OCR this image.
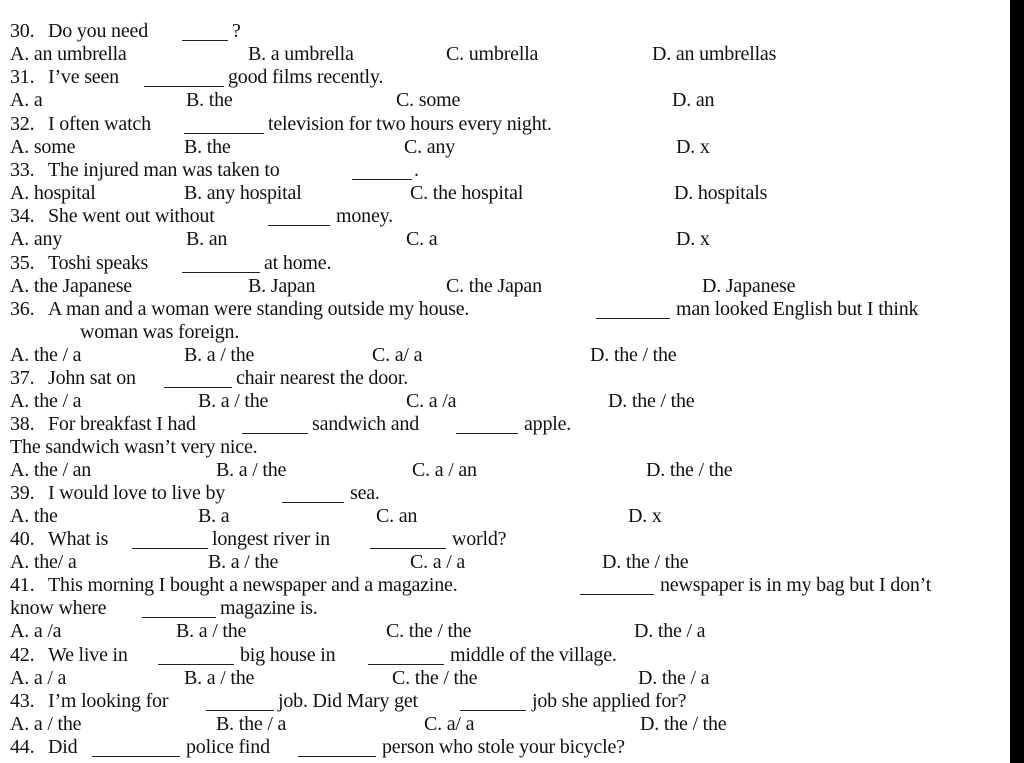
30. Do you need	?
A. an umbrella	B. a umbrella	C. umbrella	D. an umbrellas
31. I’ve seen	good films recently.
A. a	B. the	C. some	D. an
32. I often watch	television for two hours every night.
A. some	B. the	C. any	D. x
33. The injured man was taken to	.
A. hospital	B. any hospital	C. the hospital	D. hospitals
34. She went out without	money.
A. any	B. an	C. a	D. x
35. Toshi speaks	at home.
A. the Japanese	B. Japan	C. the Japan	D. Japanese
36. A man and a woman were standing outside my house.	man looked English but I think
woman was foreign.
A. the / a	B. a / the	C. a/ a	D. the / the
37. John sat on	chair nearest the door.
A. the / a	B. a / the	C. a /a	D. the / the
38. For breakfast I had	sandwich and	apple.
The sandwich wasn’t very nice.
A. the / an	B. a / the	C. a / an	D. the / the
39. I would love to live by	sea.
A. the	B. a	C. an	D. x
40. What is	longest river in	world?
A. the/ a	B. a / the	C. a / a	D. the / the
41. This morning I bought a newspaper and a magazine.	newspaper is in my bag but I don’t
know where	magazine is.
A. a /a	B. a / the	C. the / the	D. the / a
42. We live in	big house in	middle of the village.
A. a / a	B. a / the	C. the / the	D. the / a
43. I’m looking for	job. Did Mary get	job she applied for?
A. a / the	B. the / a	C. a/ a	D. the / the
44. Did	police find	person who stole your bicycle?
